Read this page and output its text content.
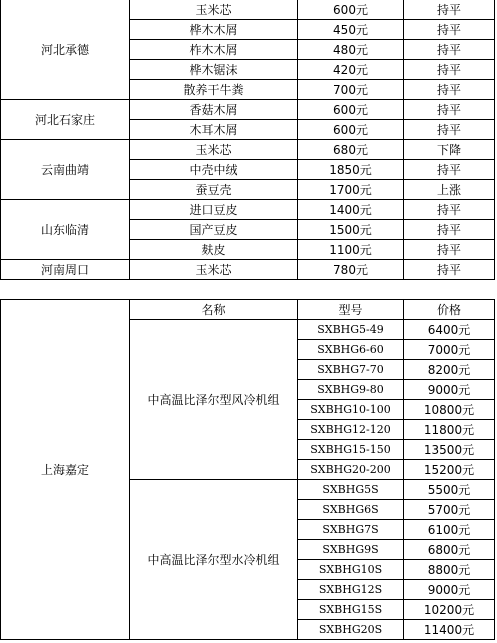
河北承德	玉米芯	600元	持平
	桦木木屑	450元	持平
	柞木木屑	480元	持平
	桦木锯沫	420元	持平
	散养干牛粪	700元	持平
河北石家庄	香菇木屑	600元	持平
	木耳木屑	600元	持平
云南曲靖	玉米芯	680元	下降
	中壳中绒	1850元	持平
	蚕豆壳	1700元	上涨
山东临清	进口豆皮	1400元	持平
	国产豆皮	1500元	持平
	麸皮	1100元	持平
河南周口	玉米芯	780元	持平
上海嘉定	名称	型号	价格
	中高温比泽尔型风冷机组	SXBHG5-49	6400元
		SXBHG6-60	7000元
		SXBHG7-70	8200元
		SXBHG9-80	9000元
		SXBHG10-100	10800元
		SXBHG12-120	11800元
		SXBHG15-150	13500元
		SXBHG20-200	15200元
	中高温比泽尔型水冷机组	SXBHG5S	5500元
		SXBHG6S	5700元
		SXBHG7S	6100元
		SXBHG9S	6800元
		SXBHG10S	8800元
		SXBHG12S	9000元
		SXBHG15S	10200元
		SXBHG20S	11400元
